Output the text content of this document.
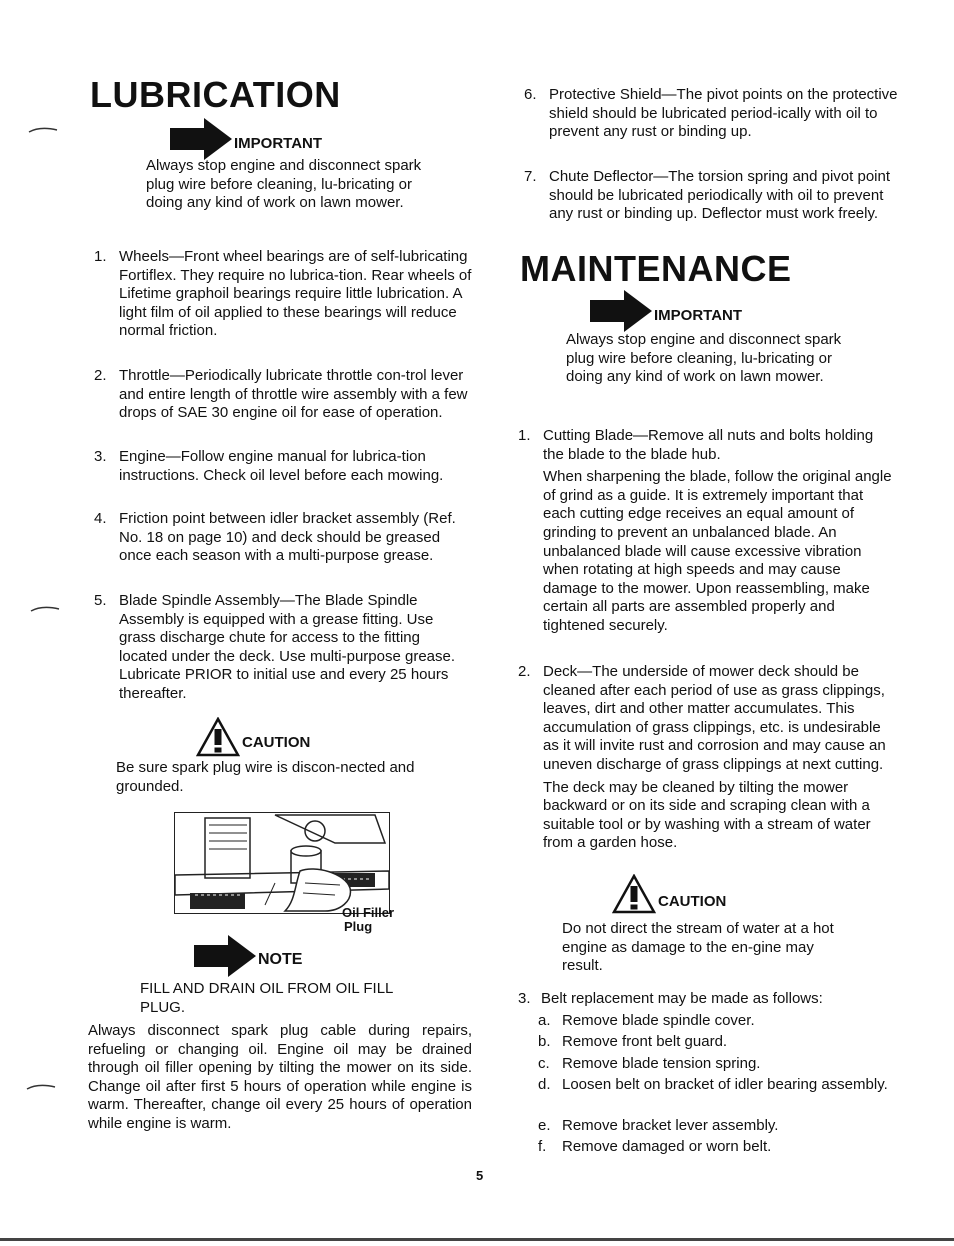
LUBRICATION
IMPORTANT

Always stop engine and disconnect spark plug wire before cleaning, lu-bricating or doing any kind of work on lawn mower.

1. Wheels—Front wheel bearings are of self-lubricating Fortiflex. They require no lubrica-tion. Rear wheels of Lifetime graphoil bearings require little lubrication. A light film of oil applied to these bearings will reduce normal friction.
2. Throttle—Periodically lubricate throttle con-trol lever and entire length of throttle wire assembly with a few drops of SAE 30 engine oil for ease of operation.
3. Engine—Follow engine manual for lubrica-tion instructions. Check oil level before each mowing.
4. Friction point between idler bracket assembly (Ref. No. 18 on page 10) and deck should be greased once each season with a multi-purpose grease.
5. Blade Spindle Assembly—The Blade Spindle Assembly is equipped with a grease fitting. Use grass discharge chute for access to the fitting located under the deck. Use multi-purpose grease. Lubricate PRIOR to initial use and every 25 hours thereafter.
CAUTION

Be sure spark plug wire is discon-nected and grounded.

Oil Filler
Plug
NOTE

FILL AND DRAIN OIL FROM OIL FILL PLUG.

Always disconnect spark plug cable during repairs, refueling or changing oil. Engine oil may be drained through oil filler opening by tilting the mower on its side. Change oil after first 5 hours of operation while engine is warm. Thereafter, change oil every 25 hours of operation while engine is warm.

6. Protective Shield—The pivot points on the protective shield should be lubricated period-ically with oil to prevent any rust or binding up.
7. Chute Deflector—The torsion spring and pivot point should be lubricated periodically with oil to prevent any rust or binding up. Deflector must work freely.
MAINTENANCE
IMPORTANT

Always stop engine and disconnect spark plug wire before cleaning, lu-bricating or doing any kind of work on lawn mower.

1. Cutting Blade—Remove all nuts and bolts holding the blade to the blade hub.
When sharpening the blade, follow the original angle of grind as a guide. It is extremely important that each cutting edge receives an equal amount of grinding to prevent an unbalanced blade. An unbalanced blade will cause excessive vibration when rotating at high speeds and may cause damage to the mower. Upon reassembling, make certain all parts are assembled properly and tightened securely.
2. Deck—The underside of mower deck should be cleaned after each period of use as grass clippings, leaves, dirt and other matter accumulates. This accumulation of grass clippings, etc. is undesirable as it will invite rust and corrosion and may cause an uneven discharge of grass clippings at next cutting.
The deck may be cleaned by tilting the mower backward or on its side and scraping clean with a suitable tool or by washing with a stream of water from a garden hose.
CAUTION

Do not direct the stream of water at a hot engine as damage to the en-gine may result.

3. Belt replacement may be made as follows:
a. Remove blade spindle cover.
b. Remove front belt guard.
c. Remove blade tension spring.
d. Loosen belt on bracket of idler bearing assembly.
e. Remove bracket lever assembly.
f. Remove damaged or worn belt.
5
